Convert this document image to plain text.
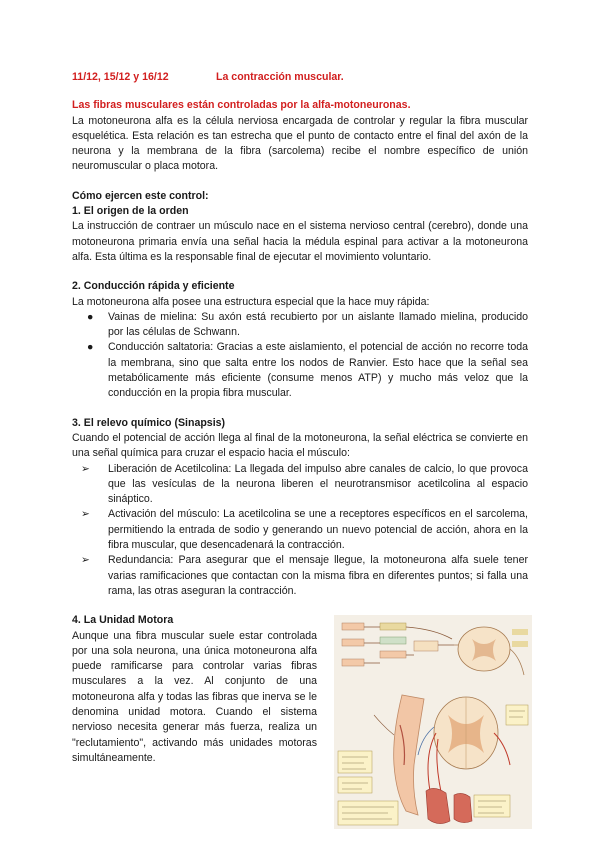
11/12, 15/12 y 16/12	La contracción muscular.
Las fibras musculares están controladas por la alfa-motoneuronas.

La motoneurona alfa es la célula nerviosa encargada de controlar y regular la fibra muscular esquelética. Esta relación es tan estrecha que el punto de contacto entre el final del axón de la neurona y la membrana de la fibra (sarcolema) recibe el nombre específico de unión neuromuscular o placa motora.

Cómo ejercen este control:
1. El origen de la orden

La instrucción de contraer un músculo nace en el sistema nervioso central (cerebro), donde una motoneurona primaria envía una señal hacia la médula espinal para activar a la motoneurona alfa. Esta última es la responsable final de ejecutar el movimiento voluntario.

2. Conducción rápida y eficiente

La motoneurona alfa posee una estructura especial que la hace muy rápida:

● Vainas de mielina: Su axón está recubierto por un aislante llamado mielina, producido por las células de Schwann.
● Conducción saltatoria: Gracias a este aislamiento, el potencial de acción no recorre toda la membrana, sino que salta entre los nodos de Ranvier. Esto hace que la señal sea metabólicamente más eficiente (consume menos ATP) y mucho más veloz que la conducción en la propia fibra muscular.
3. El relevo químico (Sinapsis)

Cuando el potencial de acción llega al final de la motoneurona, la señal eléctrica se convierte en una señal química para cruzar el espacio hacia el músculo:

➢ Liberación de Acetilcolina: La llegada del impulso abre canales de calcio, lo que provoca que las vesículas de la neurona liberen el neurotransmisor acetilcolina al espacio sináptico.
➢ Activación del músculo: La acetilcolina se une a receptores específicos en el sarcolema, permitiendo la entrada de sodio y generando un nuevo potencial de acción, ahora en la fibra muscular, que desencadenará la contracción.
➢ Redundancia: Para asegurar que el mensaje llegue, la motoneurona alfa suele tener varias ramificaciones que contactan con la misma fibra en diferentes puntos; si falla una rama, las otras aseguran la contracción.
4. La Unidad Motora

Aunque una fibra muscular suele estar controlada por una sola neurona, una única motoneurona alfa puede ramificarse para controlar varias fibras musculares a la vez. Al conjunto de una motoneurona alfa y todas las fibras que inerva se le denomina unidad motora. Cuando el sistema nervioso necesita generar más fuerza, realiza un "reclutamiento", activando más unidades motoras simultáneamente.
